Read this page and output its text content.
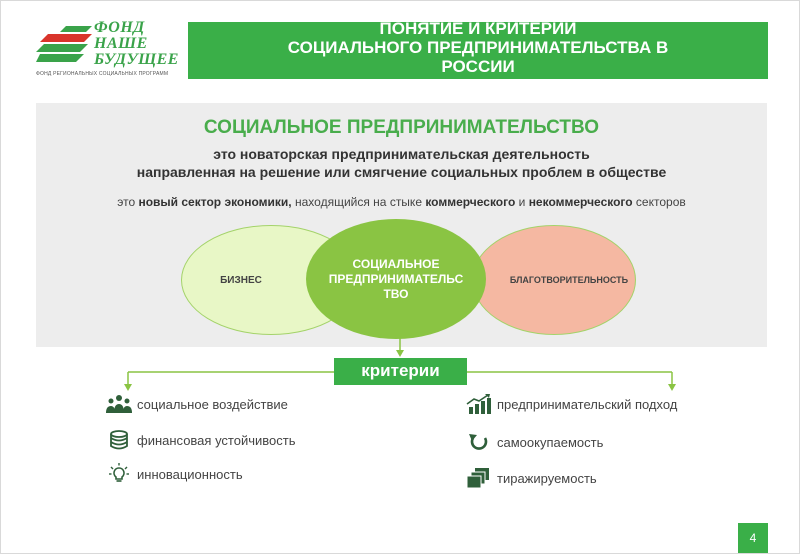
ФОНД
НАШЕ
БУДУЩЕЕ
ФОНД РЕГИОНАЛЬНЫХ СОЦИАЛЬНЫХ ПРОГРАММ
ПОНЯТИЕ И КРИТЕРИИ
СОЦИАЛЬНОГО ПРЕДПРИНИМАТЕЛЬСТВА В
РОССИИ
СОЦИАЛЬНОЕ ПРЕДПРИНИМАТЕЛЬСТВО
это новаторская предпринимательская деятельность
направленная на решение или смягчение социальных проблем в обществе
это новый сектор экономики, находящийся на стыке коммерческого и некоммерческого секторов
БИЗНЕС	БЛАГОТВОРИТЕЛЬНОСТЬ
СОЦИАЛЬНОЕ
ПРЕДПРИНИМАТЕЛЬС
ТВО
критерии
социальное воздействие
финансовая устойчивость
инновационность
предпринимательский подход
самоокупаемость
тиражируемость
4
